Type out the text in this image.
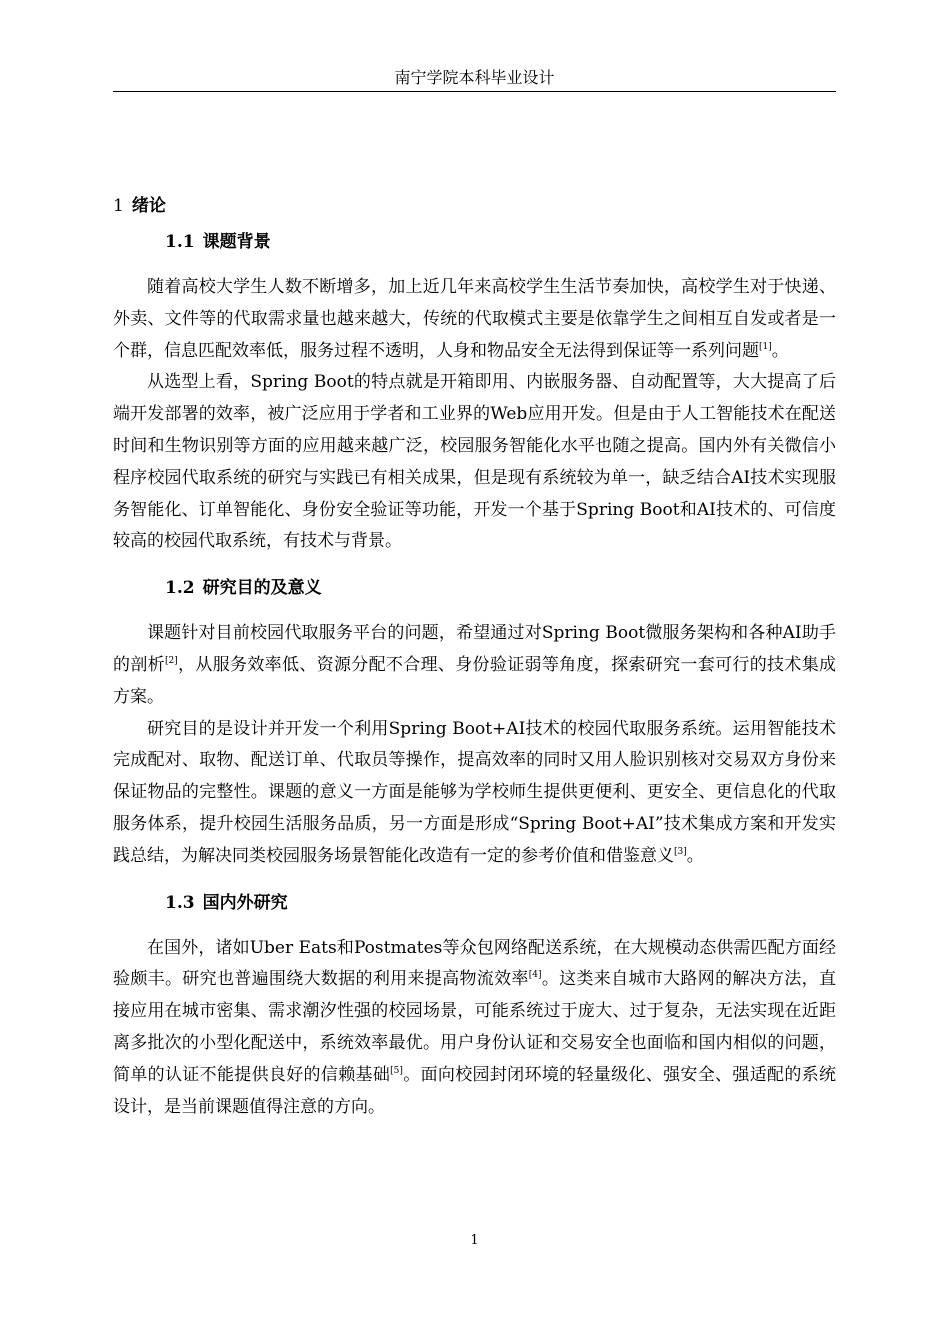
南宁学院本科毕业设计
1 绪论
1.1 课题背景

随着高校大学生人数不断增多，加上近几年来高校学生生活节奏加快，高校学生对于快递、外卖、文件等的代取需求量也越来越大，传统的代取模式主要是依靠学生之间相互自发或者是一个群，信息匹配效率低，服务过程不透明，人身和物品安全无法得到保证等一系列问题[1]。

从选型上看，Spring Boot的特点就是开箱即用、内嵌服务器、自动配置等，大大提高了后端开发部署的效率，被广泛应用于学者和工业界的Web应用开发。但是由于人工智能技术在配送时间和生物识别等方面的应用越来越广泛，校园服务智能化水平也随之提高。国内外有关微信小程序校园代取系统的研究与实践已有相关成果，但是现有系统较为单一，缺乏结合AI技术实现服务智能化、订单智能化、身份安全验证等功能，开发一个基于Spring Boot和AI技术的、可信度较高的校园代取系统，有技术与背景。

1.2 研究目的及意义

课题针对目前校园代取服务平台的问题，希望通过对Spring Boot微服务架构和各种AI助手的剖析[2]，从服务效率低、资源分配不合理、身份验证弱等角度，探索研究一套可行的技术集成方案。

研究目的是设计并开发一个利用Spring Boot+AI技术的校园代取服务系统。运用智能技术完成配对、取物、配送订单、代取员等操作，提高效率的同时又用人脸识别核对交易双方身份来保证物品的完整性。课题的意义一方面是能够为学校师生提供更便利、更安全、更信息化的代取服务体系，提升校园生活服务品质，另一方面是形成“Spring Boot+AI”技术集成方案和开发实践总结，为解决同类校园服务场景智能化改造有一定的参考价值和借鉴意义[3]。

1.3 国内外研究

在国外，诸如Uber Eats和Postmates等众包网络配送系统，在大规模动态供需匹配方面经验颇丰。研究也普遍围绕大数据的利用来提高物流效率[4]。这类来自城市大路网的解决方法，直接应用在城市密集、需求潮汐性强的校园场景，可能系统过于庞大、过于复杂，无法实现在近距离多批次的小型化配送中，系统效率最优。用户身份认证和交易安全也面临和国内相似的问题，简单的认证不能提供良好的信赖基础[5]。面向校园封闭环境的轻量级化、强安全、强适配的系统设计，是当前课题值得注意的方向。

1
